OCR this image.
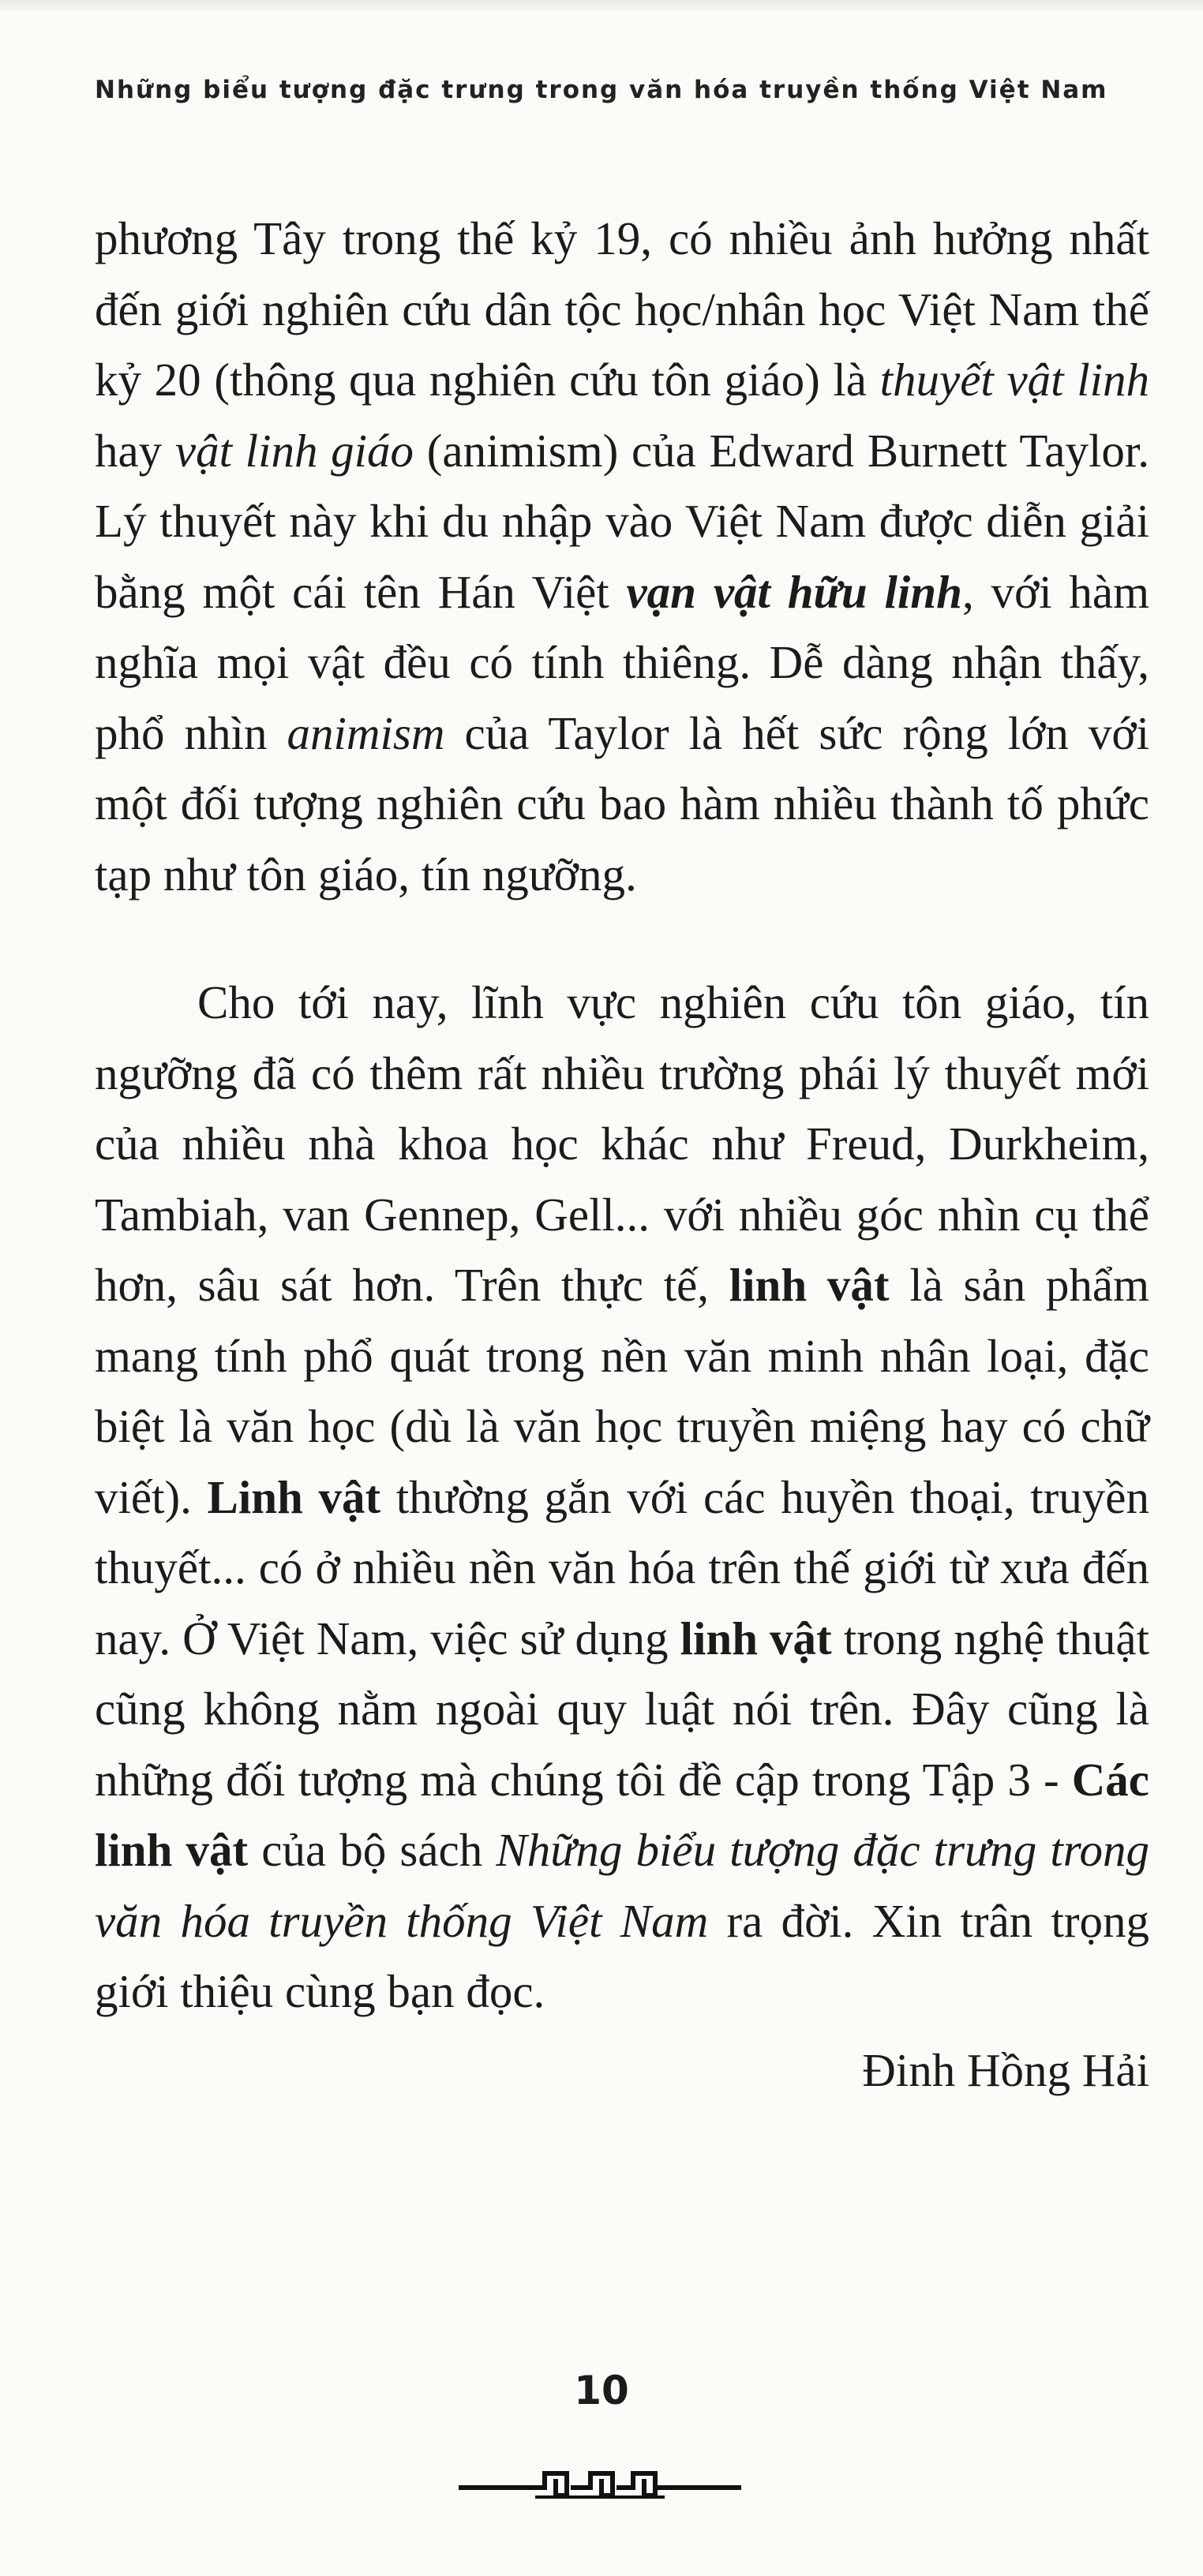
Những biểu tượng đặc trưng trong văn hóa truyền thống Việt Nam

phương Tây trong thế kỷ 19, có nhiều ảnh hưởng nhất đến giới nghiên cứu dân tộc học/nhân học Việt Nam thế kỷ 20 (thông qua nghiên cứu tôn giáo) là thuyết vật linh hay vật linh giáo (animism) của Edward Burnett Taylor. Lý thuyết này khi du nhập vào Việt Nam được diễn giải bằng một cái tên Hán Việt vạn vật hữu linh, với hàm nghĩa mọi vật đều có tính thiêng. Dễ dàng nhận thấy, phổ nhìn animism của Taylor là hết sức rộng lớn với một đối tượng nghiên cứu bao hàm nhiều thành tố phức tạp như tôn giáo, tín ngưỡng.

Cho tới nay, lĩnh vực nghiên cứu tôn giáo, tín ngưỡng đã có thêm rất nhiều trường phái lý thuyết mới của nhiều nhà khoa học khác như Freud, Durkheim, Tambiah, van Gennep, Gell... với nhiều góc nhìn cụ thể hơn, sâu sát hơn. Trên thực tế, linh vật là sản phẩm mang tính phổ quát trong nền văn minh nhân loại, đặc biệt là văn học (dù là văn học truyền miệng hay có chữ viết). Linh vật thường gắn với các huyền thoại, truyền thuyết... có ở nhiều nền văn hóa trên thế giới từ xưa đến nay. Ở Việt Nam, việc sử dụng linh vật trong nghệ thuật cũng không nằm ngoài quy luật nói trên. Đây cũng là những đối tượng mà chúng tôi đề cập trong Tập 3 - Các linh vật của bộ sách Những biểu tượng đặc trưng trong văn hóa truyền thống Việt Nam ra đời. Xin trân trọng giới thiệu cùng bạn đọc.

Đinh Hồng Hải
10
